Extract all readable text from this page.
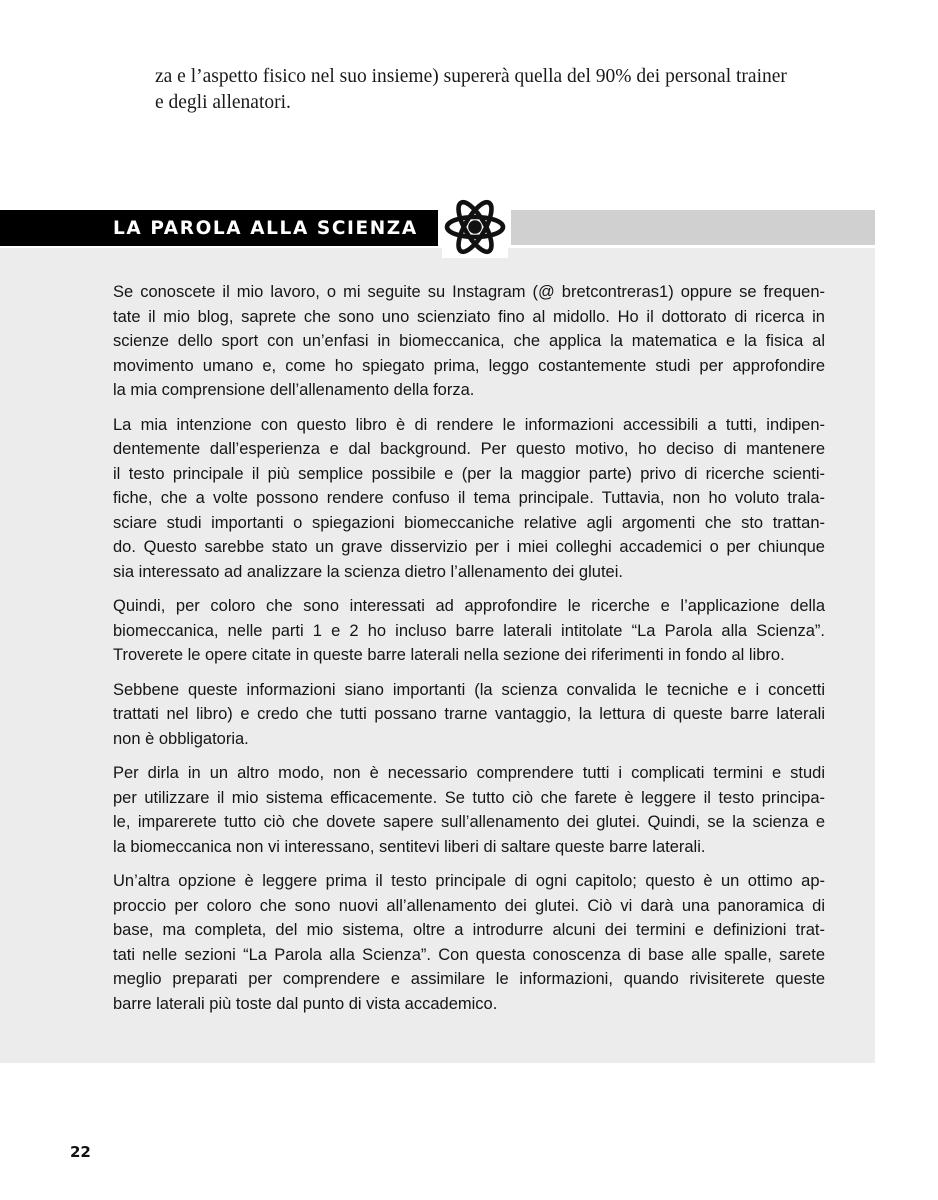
za e l’aspetto fisico nel suo insieme) supererà quella del 90% dei personal trainer
e degli allenatori.
LA PAROLA ALLA SCIENZA
Se conoscete il mio lavoro, o mi seguite su Instagram (@ bretcontreras1) oppure se frequen-
tate il mio blog, saprete che sono uno scienziato fino al midollo. Ho il dottorato di ricerca in
scienze dello sport con un’enfasi in biomeccanica, che applica la matematica e la fisica al
movimento umano e, come ho spiegato prima, leggo costantemente studi per approfondire
la mia comprensione dell’allenamento della forza.
La mia intenzione con questo libro è di rendere le informazioni accessibili a tutti, indipen-
dentemente dall’esperienza e dal background. Per questo motivo, ho deciso di mantenere
il testo principale il più semplice possibile e (per la maggior parte) privo di ricerche scienti-
fiche, che a volte possono rendere confuso il tema principale. Tuttavia, non ho voluto trala-
sciare studi importanti o spiegazioni biomeccaniche relative agli argomenti che sto trattan-
do. Questo sarebbe stato un grave disservizio per i miei colleghi accademici o per chiunque
sia interessato ad analizzare la scienza dietro l’allenamento dei glutei.
Quindi, per coloro che sono interessati ad approfondire le ricerche e l’applicazione della
biomeccanica, nelle parti 1 e 2 ho incluso barre laterali intitolate “La Parola alla Scienza”.
Troverete le opere citate in queste barre laterali nella sezione dei riferimenti in fondo al libro.
Sebbene queste informazioni siano importanti (la scienza convalida le tecniche e i concetti
trattati nel libro) e credo che tutti possano trarne vantaggio, la lettura di queste barre laterali
non è obbligatoria.
Per dirla in un altro modo, non è necessario comprendere tutti i complicati termini e studi
per utilizzare il mio sistema efficacemente. Se tutto ciò che farete è leggere il testo principa-
le, imparerete tutto ciò che dovete sapere sull’allenamento dei glutei. Quindi, se la scienza e
la biomeccanica non vi interessano, sentitevi liberi di saltare queste barre laterali.
Un’altra opzione è leggere prima il testo principale di ogni capitolo; questo è un ottimo ap-
proccio per coloro che sono nuovi all’allenamento dei glutei. Ciò vi darà una panoramica di
base, ma completa, del mio sistema, oltre a introdurre alcuni dei termini e definizioni trat-
tati nelle sezioni “La Parola alla Scienza”. Con questa conoscenza di base alle spalle, sarete
meglio preparati per comprendere e assimilare le informazioni, quando rivisiterete queste
barre laterali più toste dal punto di vista accademico.
22
